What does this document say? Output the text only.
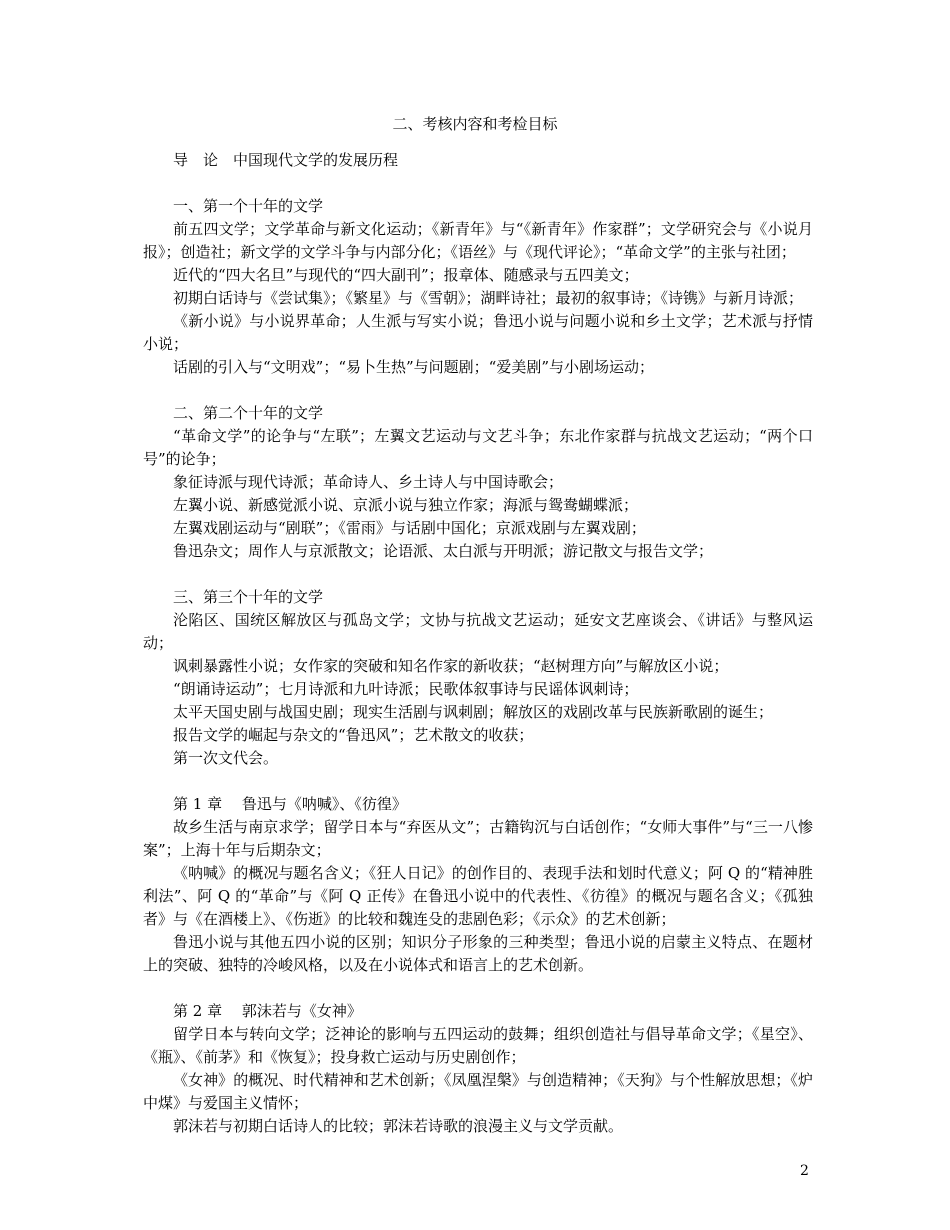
二、考核内容和考检目标
导　论　中国现代文学的发展历程
一、第一个十年的文学
前五四文学；文学革命与新文化运动；《新青年》与“《新青年》作家群”；文学研究会与《小说月报》；创造社；新文学的文学斗争与内部分化；《语丝》与《现代评论》；“革命文学”的主张与社团；
近代的“四大名旦”与现代的“四大副刊”；报章体、随感录与五四美文；
初期白话诗与《尝试集》；《繁星》与《雪朝》；湖畔诗社；最初的叙事诗；《诗镌》与新月诗派；
《新小说》与小说界革命；人生派与写实小说；鲁迅小说与问题小说和乡土文学；艺术派与抒情小说；
话剧的引入与“文明戏”；“易卜生热”与问题剧；“爱美剧”与小剧场运动；
二、第二个十年的文学
“革命文学”的论争与“左联”；左翼文艺运动与文艺斗争；东北作家群与抗战文艺运动；“两个口号”的论争；
象征诗派与现代诗派；革命诗人、乡土诗人与中国诗歌会；
左翼小说、新感觉派小说、京派小说与独立作家；海派与鸳鸯蝴蝶派；
左翼戏剧运动与“剧联”；《雷雨》与话剧中国化；京派戏剧与左翼戏剧；
鲁迅杂文；周作人与京派散文；论语派、太白派与开明派；游记散文与报告文学；
三、第三个十年的文学
沦陷区、国统区解放区与孤岛文学；文协与抗战文艺运动；延安文艺座谈会、《讲话》与整风运动；
讽刺暴露性小说；女作家的突破和知名作家的新收获；“赵树理方向”与解放区小说；
“朗诵诗运动”；七月诗派和九叶诗派；民歌体叙事诗与民谣体讽刺诗；
太平天国史剧与战国史剧；现实生活剧与讽刺剧；解放区的戏剧改革与民族新歌剧的诞生；
报告文学的崛起与杂文的“鲁迅风”；艺术散文的收获；
第一次文代会。
第 1 章　 鲁迅与《呐喊》、《彷徨》
故乡生活与南京求学；留学日本与“弃医从文”；古籍钩沉与白话创作；“女师大事件”与“三一八惨案”；上海十年与后期杂文；
《呐喊》的概况与题名含义；《狂人日记》的创作目的、表现手法和划时代意义；阿 Q 的“精神胜利法”、阿 Q 的“革命”与《阿 Q 正传》在鲁迅小说中的代表性、《彷徨》的概况与题名含义；《孤独者》与《在酒楼上》、《伤逝》的比较和魏连殳的悲剧色彩；《示众》的艺术创新；
鲁迅小说与其他五四小说的区别；知识分子形象的三种类型；鲁迅小说的启蒙主义特点、在题材上的突破、独特的冷峻风格，以及在小说体式和语言上的艺术创新。
第 2 章　 郭沫若与《女神》
留学日本与转向文学；泛神论的影响与五四运动的鼓舞；组织创造社与倡导革命文学；《星空》、《瓶》、《前茅》和《恢复》；投身救亡运动与历史剧创作；
《女神》的概况、时代精神和艺术创新；《凤凰涅槃》与创造精神；《天狗》与个性解放思想；《炉中煤》与爱国主义情怀；
郭沫若与初期白话诗人的比较；郭沫若诗歌的浪漫主义与文学贡献。
2
